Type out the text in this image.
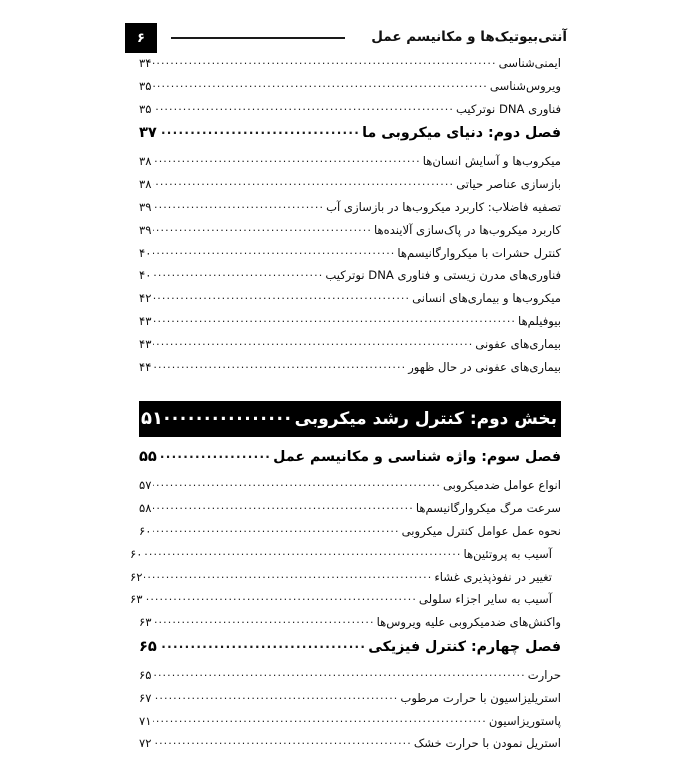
آنتی‌بیوتیک‌ها و مکانیسم عمل
۶
ایمنی‌شناسی
.....
۳۴
ویروس‌شناسی
.....
۳۵
فناوری DNA نوترکیب
.....
۳۵
فصل دوم: دنیای میکروبی ما
.....
۳۷
میکروب‌ها و آسایش انسان‌ها
.....
۳۸
بازسازی عناصر حیاتی
.....
۳۸
تصفیه فاضلاب: کاربرد میکروب‌ها در بازسازی آب
.....
۳۹
کاربرد میکروب‌ها در پاک‌سازی آلاینده‌ها
.....
۳۹
کنترل حشرات با میکروارگانیسم‌ها
.....
۴۰
فناوری‌های مدرن زیستی و فناوری DNA نوترکیب
.....
۴۰
میکروب‌ها و بیماری‌های انسانی
.....
۴۲
بیوفیلم‌ها
.....
۴۳
بیماری‌های عفونی
.....
۴۳
بیماری‌های عفونی در حال ظهور
.....
۴۴
بخش دوم: کنترل رشد میکروبی
.....
۵۱
فصل سوم: واژه شناسی و مکانیسم عمل
.....
۵۵
انواع عوامل ضدمیکروبی
.....
۵۷
سرعت مرگ میکروارگانیسم‌ها
.....
۵۸
نحوه عمل عوامل کنترل میکروبی
.....
۶۰
آسیب به پروتئین‌ها
.....
۶۰
تغییر در نفوذپذیری غشاء
.....
۶۲
آسیب به سایر اجزاء سلولی
.....
۶۳
واکنش‌های ضدمیکروبی علیه ویروس‌ها
.....
۶۳
فصل چهارم: کنترل فیزیکی
.....
۶۵
حرارت
.....
۶۵
استریلیزاسیون با حرارت مرطوب
.....
۶۷
پاستوریزاسیون
.....
۷۱
استریل نمودن با حرارت خشک
.....
۷۲
